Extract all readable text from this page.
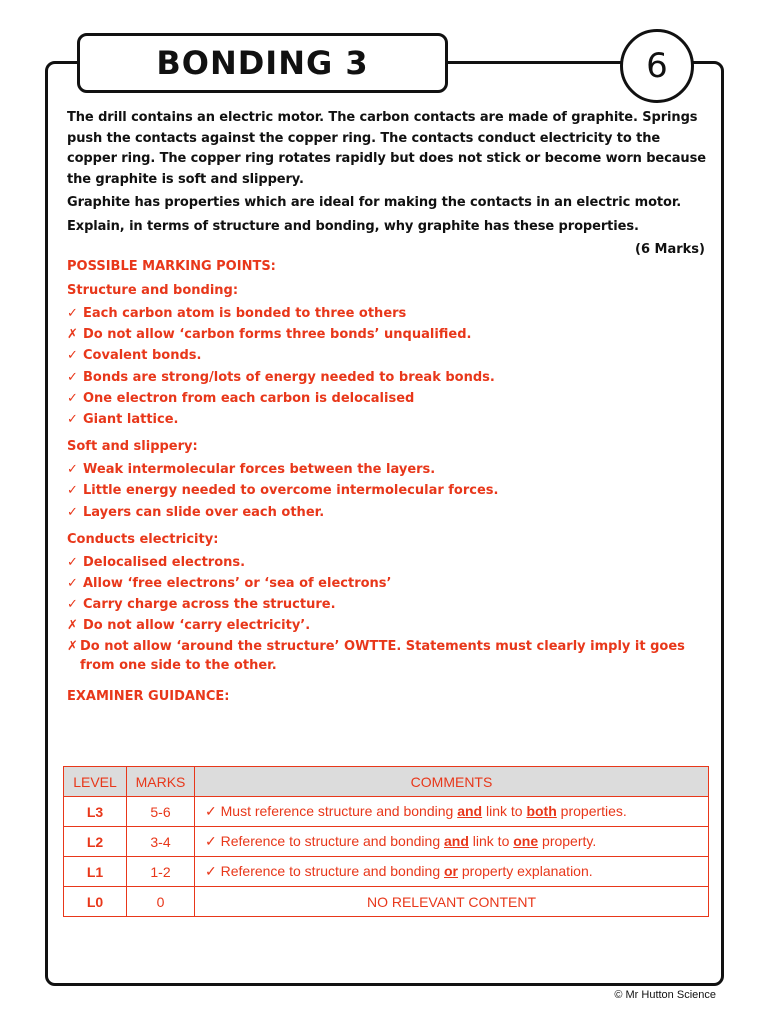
BONDING 3	6

The drill contains an electric motor. The carbon contacts are made of graphite. Springs push the contacts against the copper ring. The contacts conduct electricity to the copper ring. The copper ring rotates rapidly but does not stick or become worn because the graphite is soft and slippery.

Graphite has properties which are ideal for making the contacts in an electric motor.

Explain, in terms of structure and bonding, why graphite has these properties.

(6 Marks)
POSSIBLE MARKING POINTS:
Structure and bonding:
✓ Each carbon atom is bonded to three others
✗ Do not allow ‘carbon forms three bonds’ unqualified.
✓ Covalent bonds.
✓ Bonds are strong/lots of energy needed to break bonds.
✓ One electron from each carbon is delocalised
✓ Giant lattice.
Soft and slippery:
✓ Weak intermolecular forces between the layers.
✓ Little energy needed to overcome intermolecular forces.
✓ Layers can slide over each other.
Conducts electricity:
✓ Delocalised electrons.
✓ Allow ‘free electrons’ or ‘sea of electrons’
✓ Carry charge across the structure.
✗ Do not allow ‘carry electricity’.
✗ Do not allow ‘around the structure’ OWTTE. Statements must clearly imply it goes from one side to the other.
EXAMINER GUIDANCE:
LEVEL	MARKS	COMMENTS
L3	5-6	✓ Must reference structure and bonding and link to both properties.
L2	3-4	✓ Reference to structure and bonding and link to one property.
L1	1-2	✓ Reference to structure and bonding or property explanation.
L0	0	NO RELEVANT CONTENT
© Mr Hutton Science
